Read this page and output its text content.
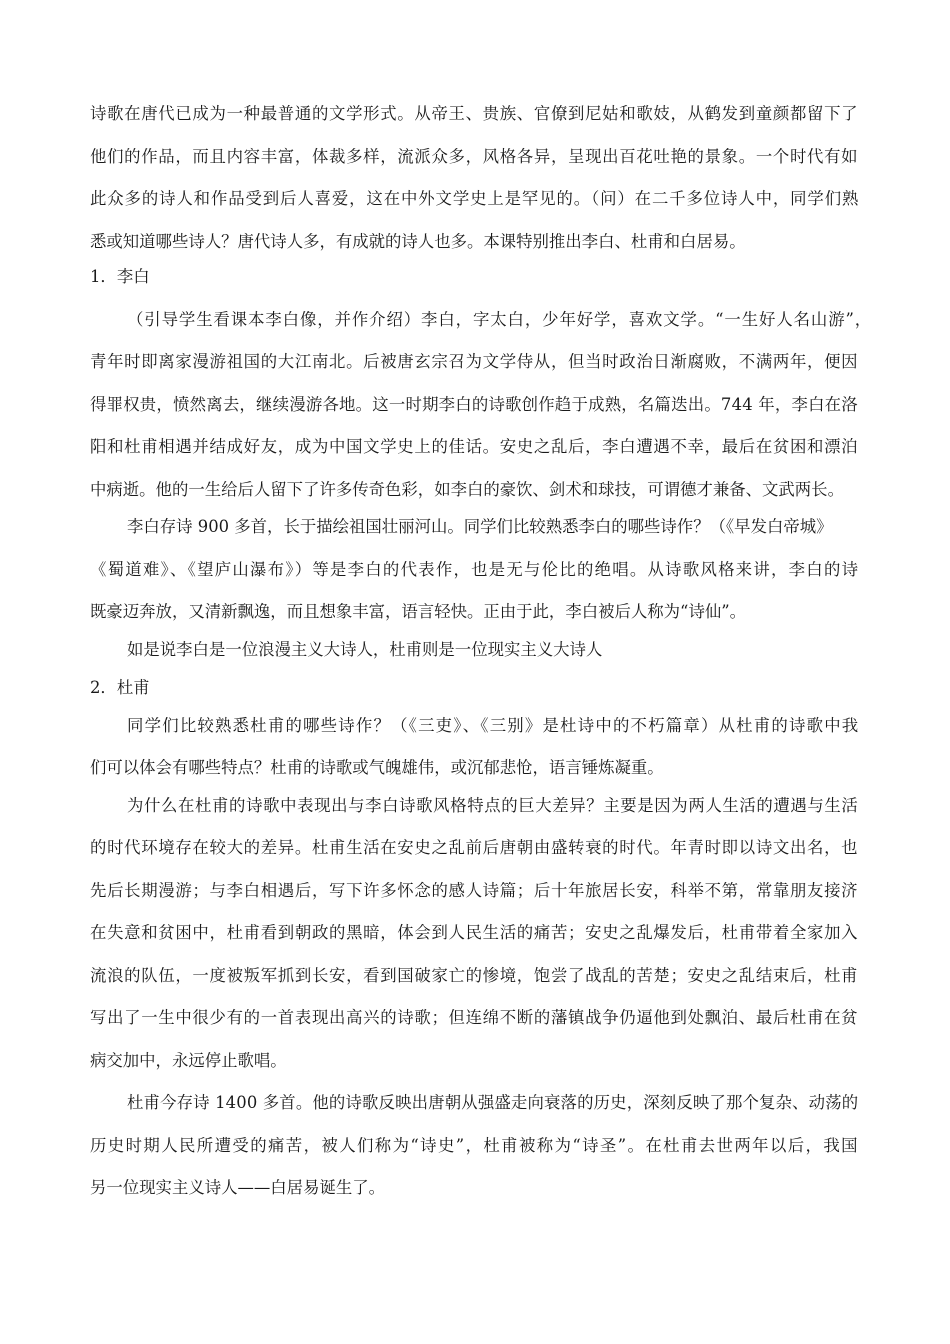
诗歌在唐代已成为一种最普通的文学形式。从帝王、贵族、官僚到尼姑和歌妓，从鹤发到童颜都留下了
他们的作品，而且内容丰富，体裁多样，流派众多，风格各异，呈现出百花吐艳的景象。一个时代有如
此众多的诗人和作品受到后人喜爱，这在中外文学史上是罕见的。（问）在二千多位诗人中，同学们熟
悉或知道哪些诗人？唐代诗人多，有成就的诗人也多。本课特别推出李白、杜甫和白居易。
1．李白
（引导学生看课本李白像，并作介绍）李白，字太白，少年好学，喜欢文学。“一生好人名山游”，
青年时即离家漫游祖国的大江南北。后被唐玄宗召为文学侍从，但当时政治日渐腐败，不满两年，便因
得罪权贵，愤然离去，继续漫游各地。这一时期李白的诗歌创作趋于成熟，名篇迭出。744 年，李白在洛
阳和杜甫相遇并结成好友，成为中国文学史上的佳话。安史之乱后，李白遭遇不幸，最后在贫困和漂泊
中病逝。他的一生给后人留下了许多传奇色彩，如李白的豪饮、剑术和球技，可谓德才兼备、文武两长。
李白存诗 900 多首，长于描绘祖国壮丽河山。同学们比较熟悉李白的哪些诗作？（《早发白帝城》
《蜀道难》、《望庐山瀑布》）等是李白的代表作，也是无与伦比的绝唱。从诗歌风格来讲，李白的诗
既豪迈奔放，又清新飘逸，而且想象丰富，语言轻快。正由于此，李白被后人称为“诗仙”。
如是说李白是一位浪漫主义大诗人，杜甫则是一位现实主义大诗人
2．杜甫
同学们比较熟悉杜甫的哪些诗作？（《三吏》、《三别》是杜诗中的不朽篇章）从杜甫的诗歌中我
们可以体会有哪些特点？杜甫的诗歌或气魄雄伟，或沉郁悲怆，语言锤炼凝重。
为什么在杜甫的诗歌中表现出与李白诗歌风格特点的巨大差异？主要是因为两人生活的遭遇与生活
的时代环境存在较大的差异。杜甫生活在安史之乱前后唐朝由盛转衰的时代。年青时即以诗文出名，也
先后长期漫游；与李白相遇后，写下许多怀念的感人诗篇；后十年旅居长安，科举不第，常靠朋友接济
在失意和贫困中，杜甫看到朝政的黑暗，体会到人民生活的痛苦；安史之乱爆发后，杜甫带着全家加入
流浪的队伍，一度被叛军抓到长安，看到国破家亡的惨境，饱尝了战乱的苦楚；安史之乱结束后，杜甫
写出了一生中很少有的一首表现出高兴的诗歌；但连绵不断的藩镇战争仍逼他到处飘泊、最后杜甫在贫
病交加中，永远停止歌唱。
杜甫今存诗 1400 多首。他的诗歌反映出唐朝从强盛走向衰落的历史，深刻反映了那个复杂、动荡的
历史时期人民所遭受的痛苦，被人们称为“诗史”，杜甫被称为“诗圣”。在杜甫去世两年以后，我国
另一位现实主义诗人——白居易诞生了。
